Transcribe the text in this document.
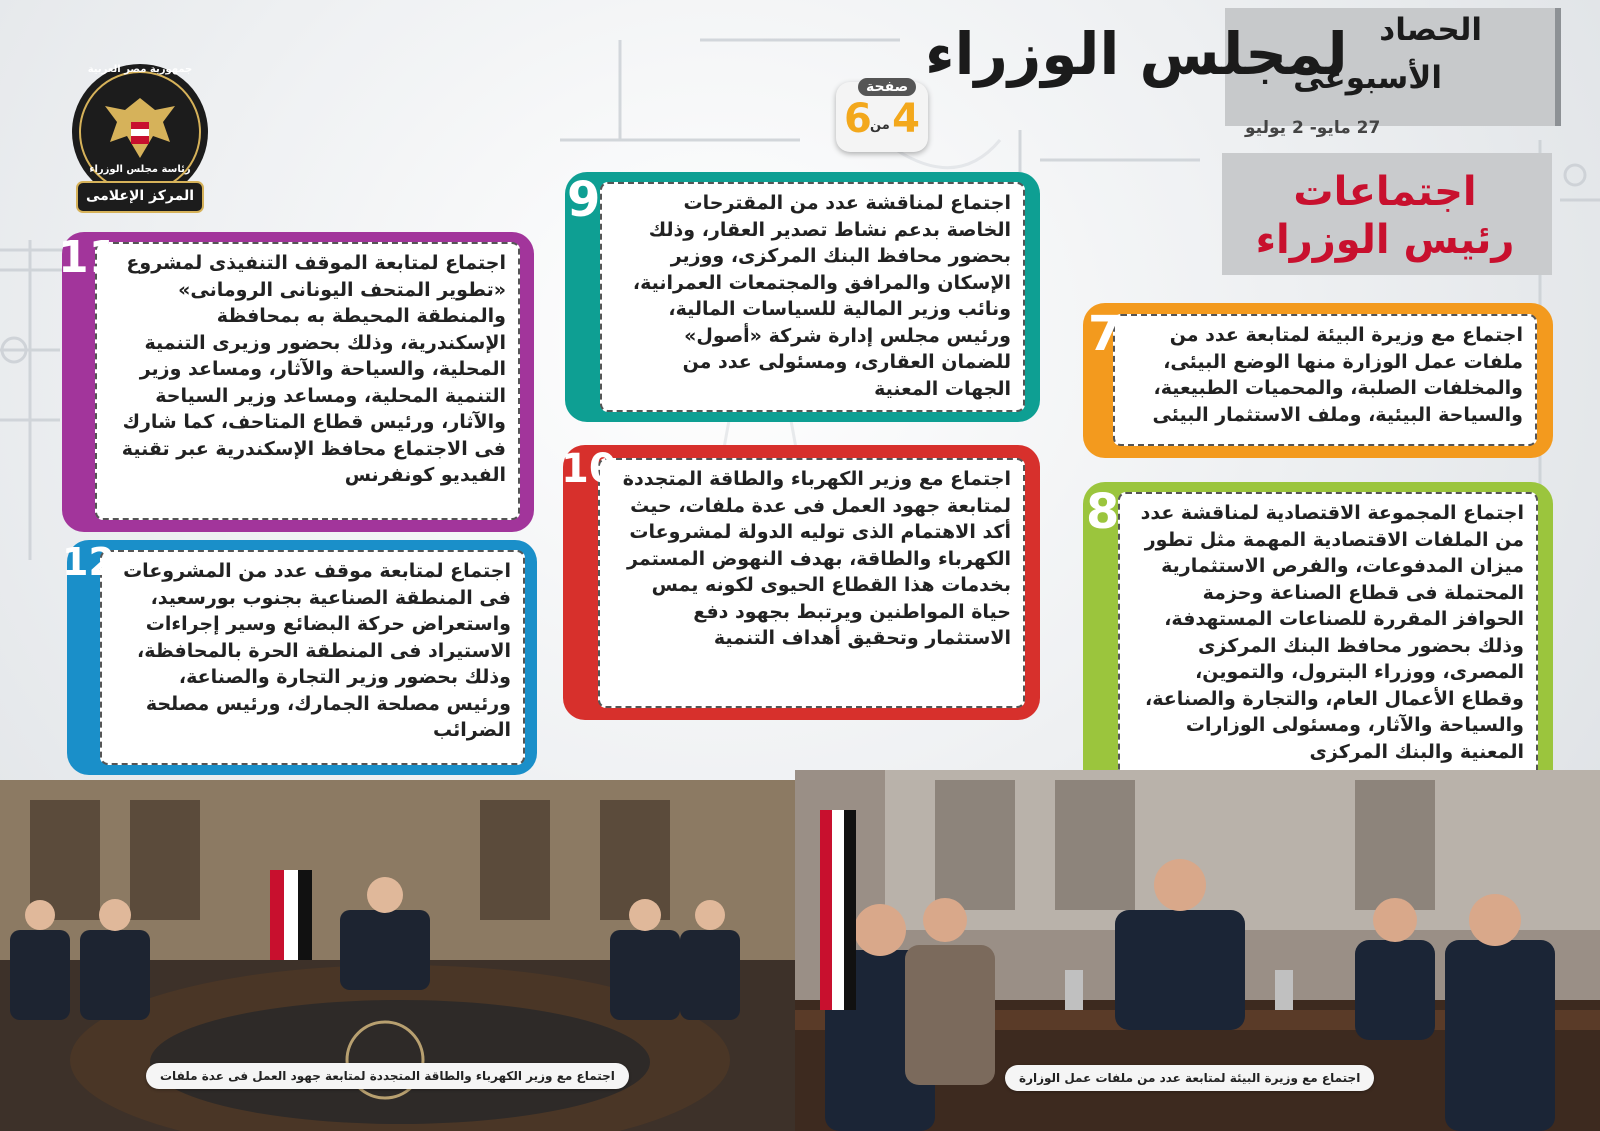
الحصاد
الأسبوعى
لمجلس الوزراء
27 مايو- 2 يوليو
صفحة
4
من
6
اجتماعات رئيس الوزراء
جمهورية مصر العربية
رئاسة مجلس الوزراء
المركز الإعلامى
اجتماع مع وزيرة البيئة لمتابعة عدد من ملفات عمل الوزارة منها الوضع البيئى، والمخلفات الصلبة، والمحميات الطبيعية، والسياحة البيئية، وملف الاستثمار البيئى
7
اجتماع المجموعة الاقتصادية لمناقشة عدد من الملفات الاقتصادية المهمة مثل تطور ميزان المدفوعات، والفرص الاستثمارية المحتملة فى قطاع الصناعة وحزمة الحوافز المقررة للصناعات المستهدفة، وذلك بحضور محافظ البنك المركزى المصرى، ووزراء البترول، والتموين، وقطاع الأعمال العام، والتجارة والصناعة، والسياحة والآثار، ومسئولى الوزارات المعنية والبنك المركزى
8
اجتماع لمناقشة عدد من المقترحات الخاصة بدعم نشاط تصدير العقار، وذلك بحضور محافظ البنك المركزى، ووزير الإسكان والمرافق والمجتمعات العمرانية، ونائب وزير المالية للسياسات المالية، ورئيس مجلس إدارة شركة «أصول» للضمان العقارى، ومسئولى عدد من الجهات المعنية
9
اجتماع مع وزير الكهرباء والطاقة المتجددة لمتابعة جهود العمل فى عدة ملفات، حيث أكد الاهتمام الذى توليه الدولة لمشروعات الكهرباء والطاقة، بهدف النهوض المستمر بخدمات هذا القطاع الحيوى لكونه يمس حياة المواطنين ويرتبط بجهود دفع الاستثمار وتحقيق أهداف التنمية
10
اجتماع لمتابعة الموقف التنفيذى لمشروع «تطوير المتحف اليونانى الرومانى» والمنطقة المحيطة به بمحافظة الإسكندرية، وذلك بحضور وزيرى التنمية المحلية، والسياحة والآثار، ومساعد وزير التنمية المحلية، ومساعد وزير السياحة والآثار، ورئيس قطاع المتاحف، كما شارك فى الاجتماع محافظ الإسكندرية عبر تقنية الفيديو كونفرنس
11
اجتماع لمتابعة موقف عدد من المشروعات فى المنطقة الصناعية بجنوب بورسعيد، واستعراض حركة البضائع وسير إجراءات الاستيراد فى المنطقة الحرة بالمحافظة، وذلك بحضور وزير التجارة والصناعة، ورئيس مصلحة الجمارك، ورئيس مصلحة الضرائب
12
اجتماع مع وزير الكهرباء والطاقة المتجددة لمتابعة جهود العمل فى عدة ملفات	اجتماع مع وزيرة البيئة لمتابعة عدد من ملفات عمل الوزارة
